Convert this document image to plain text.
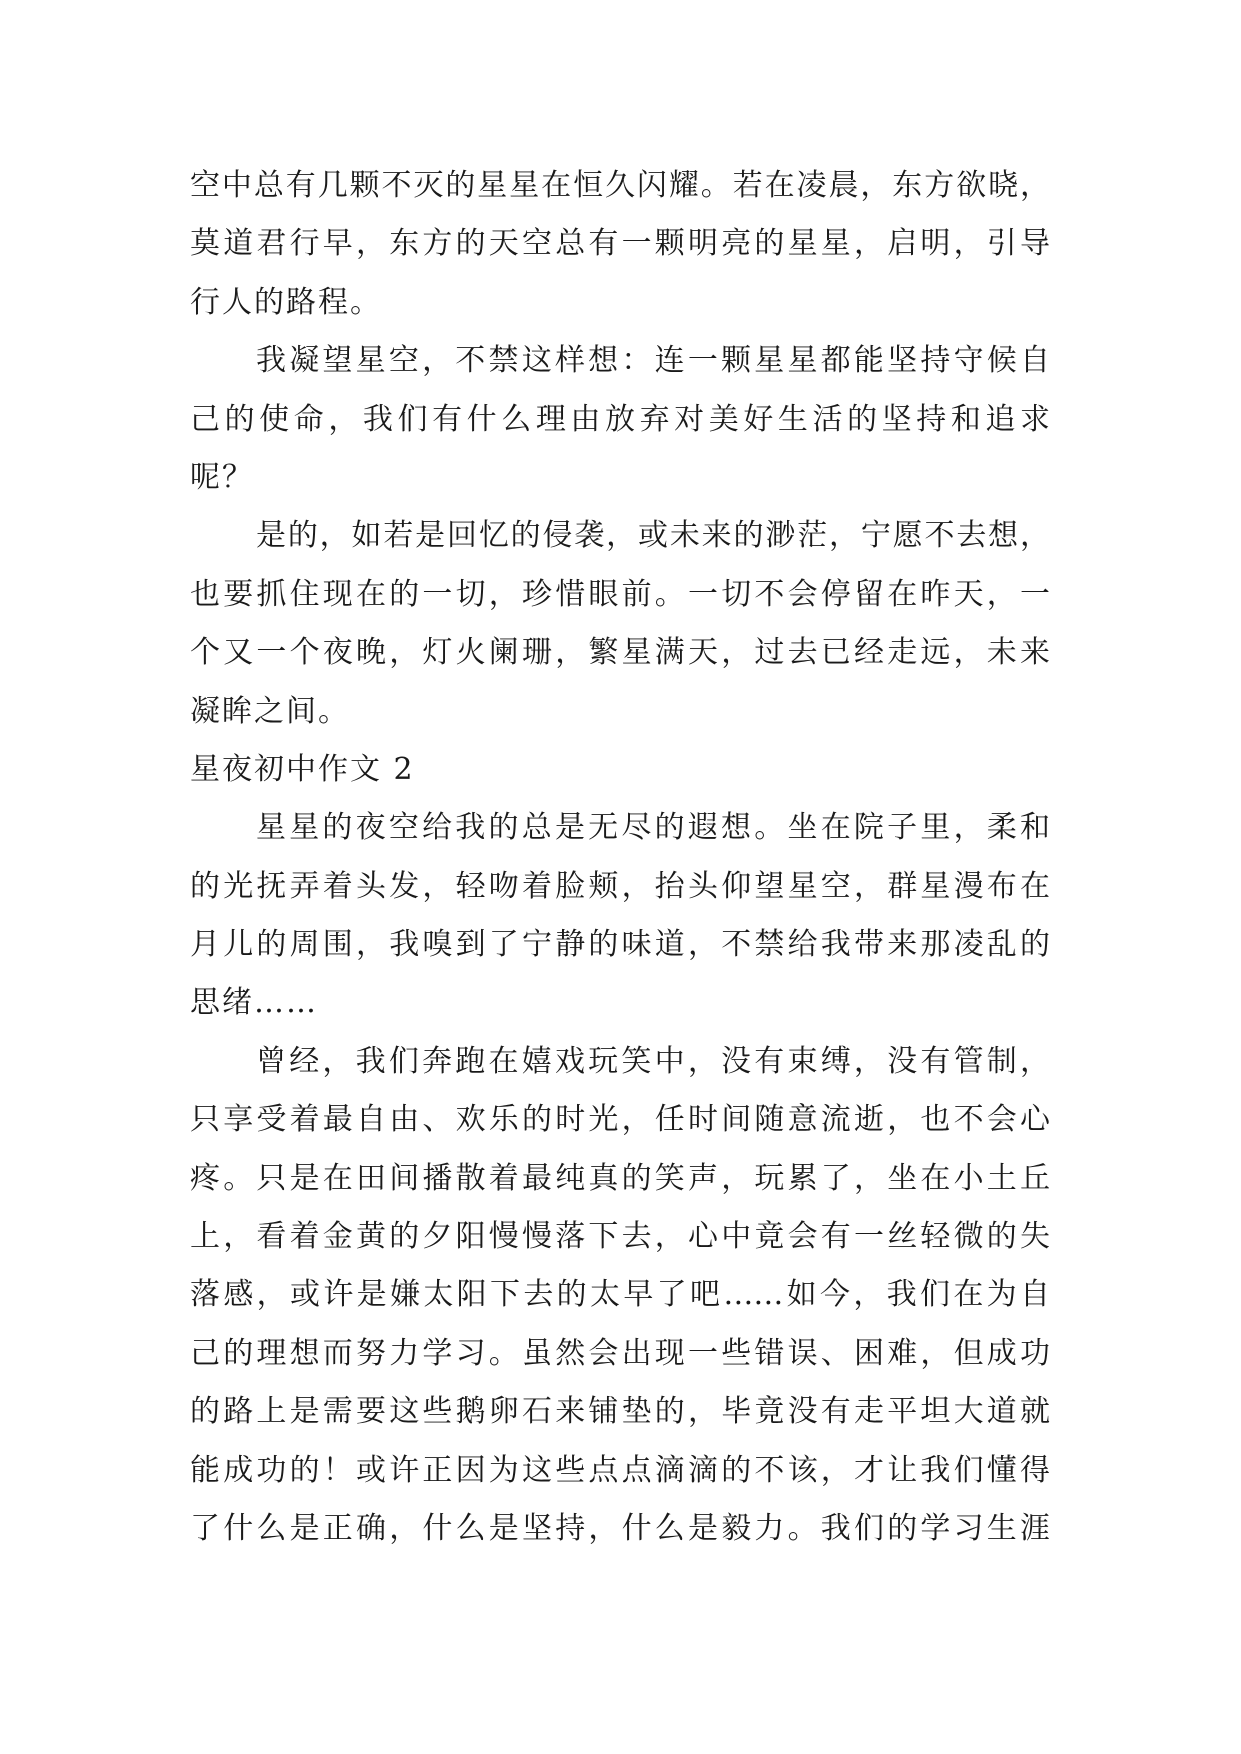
空中总有几颗不灭的星星在恒久闪耀。若在凌晨，东方欲晓，
莫道君行早，东方的天空总有一颗明亮的星星，启明，引导
行人的路程。
我凝望星空，不禁这样想：连一颗星星都能坚持守候自
己的使命，我们有什么理由放弃对美好生活的坚持和追求
呢？
是的，如若是回忆的侵袭，或未来的渺茫，宁愿不去想，
也要抓住现在的一切，珍惜眼前。一切不会停留在昨天，一
个又一个夜晚，灯火阑珊，繁星满天，过去已经走远，未来
凝眸之间。
星夜初中作文 2
星星的夜空给我的总是无尽的遐想。坐在院子里，柔和
的光抚弄着头发，轻吻着脸颊，抬头仰望星空，群星漫布在
月儿的周围，我嗅到了宁静的味道，不禁给我带来那凌乱的
思绪……
曾经，我们奔跑在嬉戏玩笑中，没有束缚，没有管制，
只享受着最自由、欢乐的时光，任时间随意流逝，也不会心
疼。只是在田间播散着最纯真的笑声，玩累了，坐在小土丘
上，看着金黄的夕阳慢慢落下去，心中竟会有一丝轻微的失
落感，或许是嫌太阳下去的太早了吧……如今，我们在为自
己的理想而努力学习。虽然会出现一些错误、困难，但成功
的路上是需要这些鹅卵石来铺垫的，毕竟没有走平坦大道就
能成功的！或许正因为这些点点滴滴的不该，才让我们懂得
了什么是正确，什么是坚持，什么是毅力。我们的学习生涯
